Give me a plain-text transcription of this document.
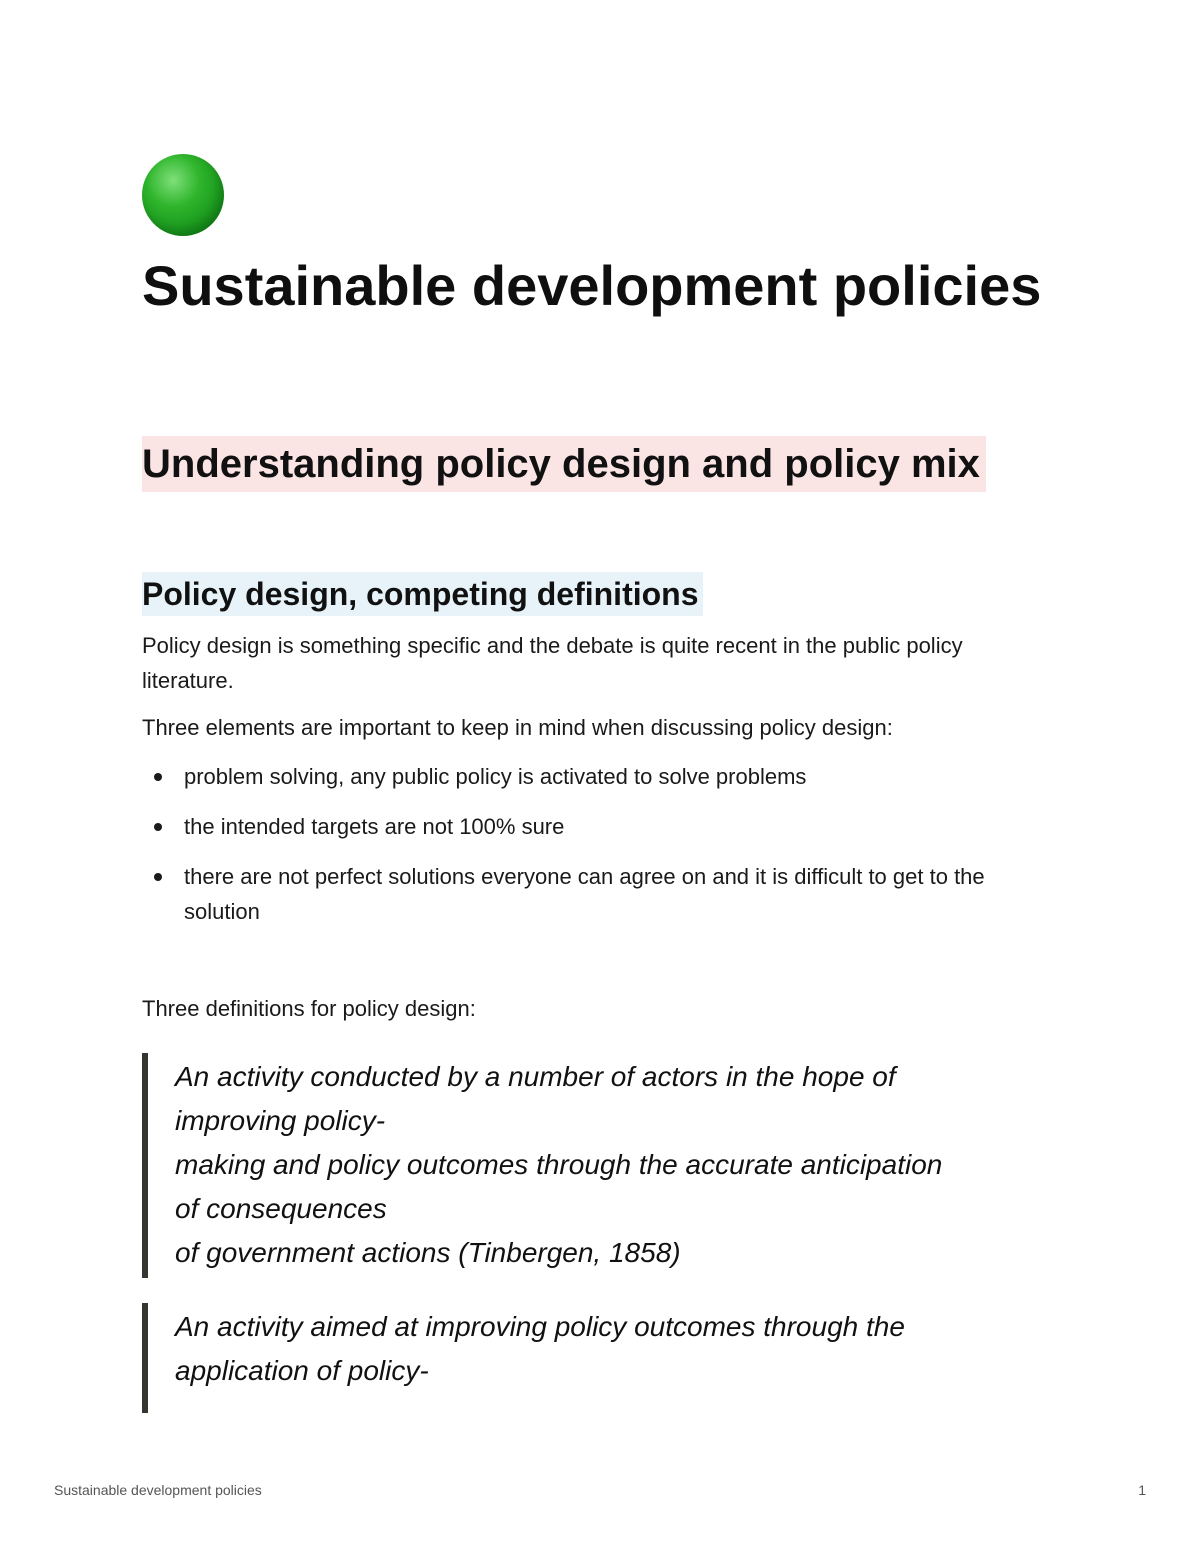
Sustainable development policies
Understanding policy design and policy mix
Policy design, competing definitions

Policy design is something specific and the debate is quite recent in the public policy literature.

Three elements are important to keep in mind when discussing policy design:

problem solving, any public policy is activated to solve problems
the intended targets are not 100% sure
there are not perfect solutions everyone can agree on and it is difficult to get to the solution

Three definitions for policy design:

An activity conducted by a number of actors in the hope of
improving policy-
making and policy outcomes through the accurate anticipation
of consequences
of government actions (Tinbergen, 1858)
An activity aimed at improving policy outcomes through the
application of policy-
Sustainable development policies	1
